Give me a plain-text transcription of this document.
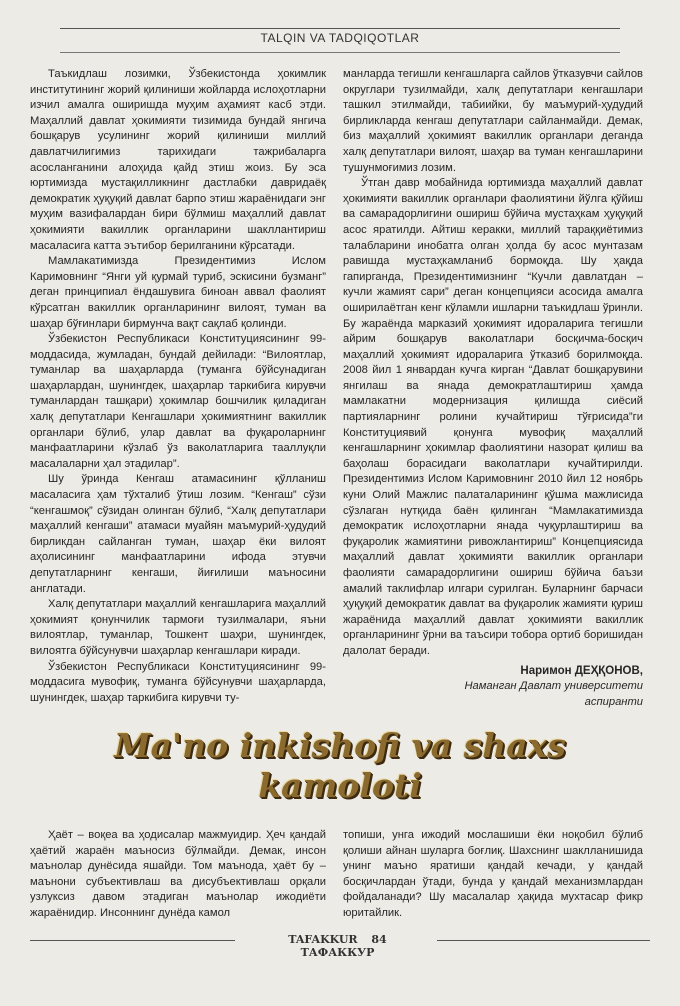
TALQIN VA TADQIQOTLAR

Таъкидлаш лозимки, Ўзбекистонда ҳокимлик институтининг жорий қилиниши жойларда ислоҳотларни изчил амалга оширишда муҳим аҳамият касб этди. Маҳаллий давлат ҳокимияти тизимида бундай янгича бошқарув усулининг жорий қилиниши миллий давлатчилигимиз тарихидаги тажрибаларга асосланганини алоҳида қайд этиш жоиз. Бу эса юртимизда мустақилликнинг дастлабки давридаёқ демократик ҳуқуқий давлат барпо этиш жараёнидаги энг муҳим вазифалардан бири бўлмиш маҳаллий давлат ҳокимияти вакиллик органларини шакллантириш масаласига катта эътибор берилганини кўрсатади.

Мамлакатимизда Президентимиз Ислом Каримовнинг “Янги уй қурмай туриб, эскисини бузманг” деган принципиал ёндашувига биноан аввал фаолият кўрсатган вакиллик органларининг вилоят, туман ва шаҳар бўғинлари бирмунча вақт сақлаб қолинди.

Ўзбекистон Республикаси Конституциясининг 99-моддасида, жумладан, бундай дейилади: “Вилоятлар, туманлар ва шаҳарларда (туманга бўйсунадиган шаҳарлардан, шунингдек, шаҳарлар таркибига кирувчи туманлардан ташқари) ҳокимлар бошчилик қиладиган халқ депутатлари Кенгашлари ҳокимиятнинг вакиллик органлари бўлиб, улар давлат ва фуқароларнинг манфаатларини кўзлаб ўз ваколатларига тааллуқли масалаларни ҳал этадилар”.

Шу ўринда Кенгаш атамасининг қўлланиш масаласига ҳам тўхталиб ўтиш лозим. “Кенгаш” сўзи “кенгашмоқ” сўзидан олинган бўлиб, “Халқ депутатлари маҳаллий кенгаши” атамаси муайян маъмурий-ҳудудий бирликдан сайланган туман, шаҳар ёки вилоят аҳолисининг манфаатларини ифода этувчи депутатларнинг кенгаши, йиғилиши маъносини англатади.

Халқ депутатлари маҳаллий кенгашларига маҳаллий ҳокимият қонунчилик тармоғи тузилмалари, яъни вилоятлар, туманлар, Тошкент шаҳри, шунингдек, вилоятга бўйсунувчи шаҳарлар кенгашлари киради.

Ўзбекистон Республикаси Конституциясининг 99-моддасига мувофиқ, туманга бўйсунувчи шаҳарларда, шунингдек, шаҳар таркибига кирувчи ту-

манларда тегишли кенгашларга сайлов ўтказувчи сайлов округлари тузилмайди, халқ депутатлари кенгашлари ташкил этилмайди, табиийки, бу маъмурий-ҳудудий бирликларда кенгаш депутатлари сайланмайди. Демак, биз маҳаллий ҳокимият вакиллик органлари деганда халқ депутатлари вилоят, шаҳар ва туман кенгашларини тушунмоғимиз лозим.

Ўтган давр мобайнида юртимизда маҳаллий давлат ҳокимияти вакиллик органлари фаолиятини йўлга қўйиш ва самарадорлигини ошириш бўйича мустаҳкам ҳуқуқий асос яратилди. Айтиш керакки, миллий тараққиётимиз талабларини инобатга олган ҳолда бу асос мунтазам равишда мустаҳкамланиб бормоқда. Шу ҳақда гапирганда, Президентимизнинг “Кучли давлатдан – кучли жамият сари” деган концепцияси асосида амалга оширилаётган кенг кўламли ишларни таъкидлаш ўринли. Бу жараёнда марказий ҳокимият идораларига тегишли айрим бошқарув ваколатлари босқичма-босқич маҳаллий ҳокимият идораларига ўтказиб борилмоқда. 2008 йил 1 январдан кучга кирган “Давлат бошқарувини янгилаш ва янада демократлаштириш ҳамда мамлакатни модернизация қилишда сиёсий партияларнинг ролини кучайтириш тўғрисида”ги Конституциявий қонунга мувофиқ маҳаллий кенгашларнинг ҳокимлар фаолиятини назорат қилиш ва баҳолаш борасидаги ваколатлари кучайтирилди. Президентимиз Ислом Каримовнинг 2010 йил 12 ноябрь куни Олий Мажлис палаталарининг қўшма мажлисида сўзлаган нутқида баён қилинган “Мамлакатимизда демократик ислоҳотларни янада чуқурлаштириш ва фуқаролик жамиятини ривожлантириш” Концепциясида маҳаллий давлат ҳокимияти вакиллик органлари фаолияти самарадорлигини ошириш бўйича баъзи амалий таклифлар илгари сурилган. Буларнинг барчаси ҳуқуқий демократик давлат ва фуқаролик жамияти қуриш жараёнида маҳаллий давлат ҳокимияти вакиллик органларининг ўрни ва таъсири тобора ортиб боришидан далолат беради.

Наримон ДЕҲҚОНОВ,
Наманган Давлат университети
аспиранти
Ma'no inkishofi va shaxs
kamoloti

Ҳаёт – воқеа ва ҳодисалар мажмуидир. Ҳеч қандай ҳаётий жараён маъносиз бўлмайди. Демак, инсон маънолар дунёсида яшайди. Том маънода, ҳаёт бу – маънони субъективлаш ва дисубъективлаш орқали узлуксиз давом этадиган маънолар ижодиёти жараёнидир. Инсоннинг дунёда камол

топиши, унга ижодий мослашиши ёки ноқобил бўлиб қолиши айнан шуларга боғлиқ. Шахснинг шаклланишида унинг маъно яратиши қандай кечади, у қандай босқичлардан ўтади, бунда у қандай механизмлардан фойдаланади? Шу масалалар ҳақида мухтасар фикр юритайлик.

TAFAKKUR 84 ТАФАККУР
